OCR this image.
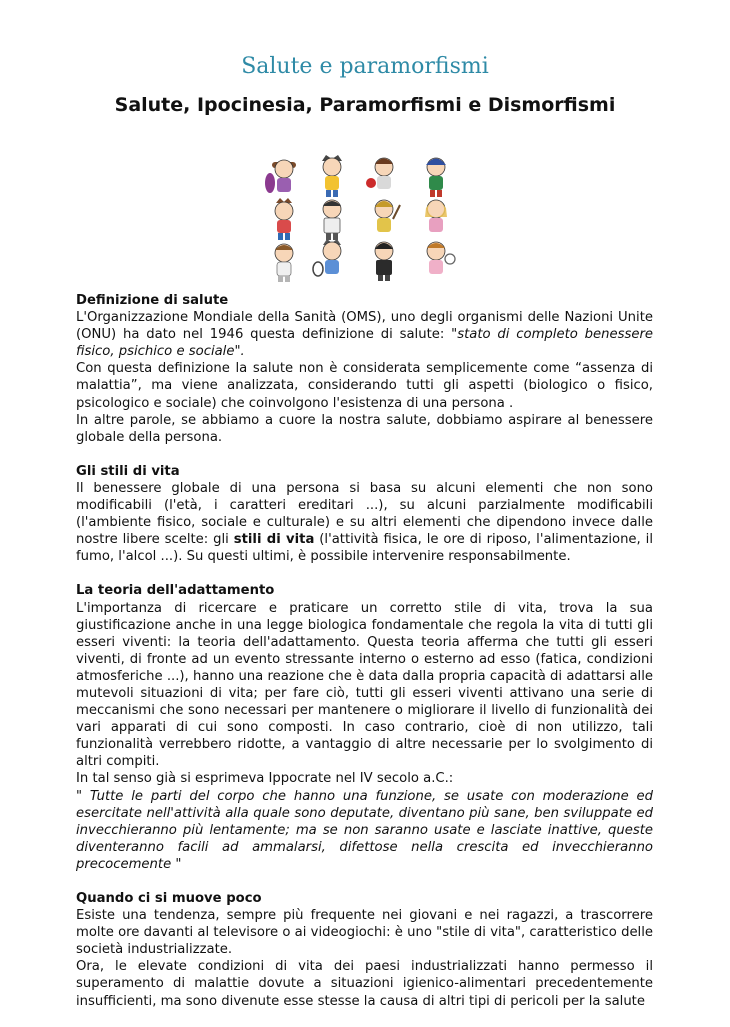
Salute e paramorfismi
Salute, Ipocinesia, Paramorfismi e Dismorfismi
Definizione di salute

L'Organizzazione Mondiale della Sanità (OMS), uno degli organismi delle Nazioni Unite (ONU) ha dato nel 1946 questa definizione di salute: "stato di completo benessere fisico, psichico e sociale".

Con questa definizione la salute non è considerata semplicemente come “assenza di malattia”, ma viene analizzata, considerando tutti gli aspetti (biologico o fisico, psicologico e sociale) che coinvolgono l'esistenza di una persona .

In altre parole, se abbiamo a cuore la nostra salute, dobbiamo aspirare al benessere globale della persona.

Gli stili di vita

Il benessere globale di una persona si basa su alcuni elementi che non sono modificabili (l'età, i caratteri ereditari ...), su alcuni parzialmente modificabili (l'ambiente fisico, sociale e culturale) e su altri elementi che dipendono invece dalle nostre libere scelte: gli stili di vita (l'attività fisica, le ore di riposo, l'alimentazione, il fumo, l'alcol ...). Su questi ultimi, è possibile intervenire responsabilmente.

La teoria dell'adattamento

L'importanza di ricercare e praticare un corretto stile di vita, trova la sua giustificazione anche in una legge biologica fondamentale che regola la vita di tutti gli esseri viventi: la teoria dell'adattamento. Questa teoria afferma che tutti gli esseri viventi, di fronte ad un evento stressante interno o esterno ad esso (fatica, condizioni atmosferiche ...), hanno una reazione che è data dalla propria capacità di adattarsi alle mutevoli situazioni di vita; per fare ciò, tutti gli esseri viventi attivano una serie di meccanismi che sono necessari per mantenere o migliorare il livello di funzionalità dei vari apparati di cui sono composti. In caso contrario, cioè di non utilizzo, tali funzionalità verrebbero ridotte, a vantaggio di altre necessarie per lo svolgimento di altri compiti.

In tal senso già si esprimeva Ippocrate nel IV secolo a.C.:

" Tutte le parti del corpo che hanno una funzione, se usate con moderazione ed esercitate nell'attività alla quale sono deputate, diventano più sane, ben sviluppate ed invecchieranno più lentamente; ma se non saranno usate e lasciate inattive, queste diventeranno facili ad ammalarsi, difettose nella crescita ed invecchieranno precocemente "

Quando ci si muove poco

Esiste una tendenza, sempre più frequente nei giovani e nei ragazzi, a trascorrere molte ore davanti al televisore o ai videogiochi: è uno "stile di vita", caratteristico delle società industrializzate.

Ora, le elevate condizioni di vita dei paesi industrializzati hanno permesso il superamento di malattie dovute a situazioni igienico-alimentari precedentemente insufficienti, ma sono divenute esse stesse la causa di altri tipi di pericoli per la salute
